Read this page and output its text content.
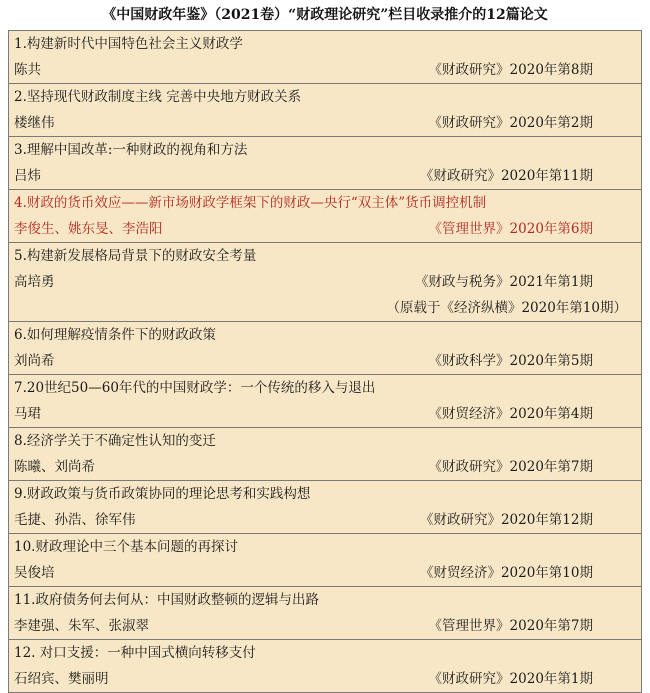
《中国财政年鉴》（2021卷）“财政理论研究”栏目收录推介的12篇论文
1.构建新时代中国特色社会主义财政学
陈共	《财政研究》2020年第8期
2.坚持现代财政制度主线 完善中央地方财政关系
楼继伟	《财政研究》2020年第2期
3.理解中国改革:一种财政的视角和方法
吕炜	《财政研究》2020年第11期
4.财政的货币效应——新市场财政学框架下的财政—央行“双主体”货币调控机制
李俊生、姚东旻、李浩阳	《管理世界》2020年第6期
5.构建新发展格局背景下的财政安全考量
高培勇	《财政与税务》2021年第1期
（原载于《经济纵横》2020年第10期）
6.如何理解疫情条件下的财政政策
刘尚希	《财政科学》2020年第5期
7.20世纪50—60年代的中国财政学：一个传统的移入与退出
马珺	《财贸经济》2020年第4期
8.经济学关于不确定性认知的变迁
陈曦、刘尚希	《财政研究》2020年第7期
9.财政政策与货币政策协同的理论思考和实践构想
毛捷、孙浩、徐军伟	《财政研究》2020年第12期
10.财政理论中三个基本问题的再探讨
吴俊培	《财贸经济》2020年第10期
11.政府债务何去何从：中国财政整顿的逻辑与出路
李建强、朱军、张淑翠	《管理世界》2020年第7期
12. 对口支援：一种中国式横向转移支付
石绍宾、樊丽明	《财政研究》2020年第1期
